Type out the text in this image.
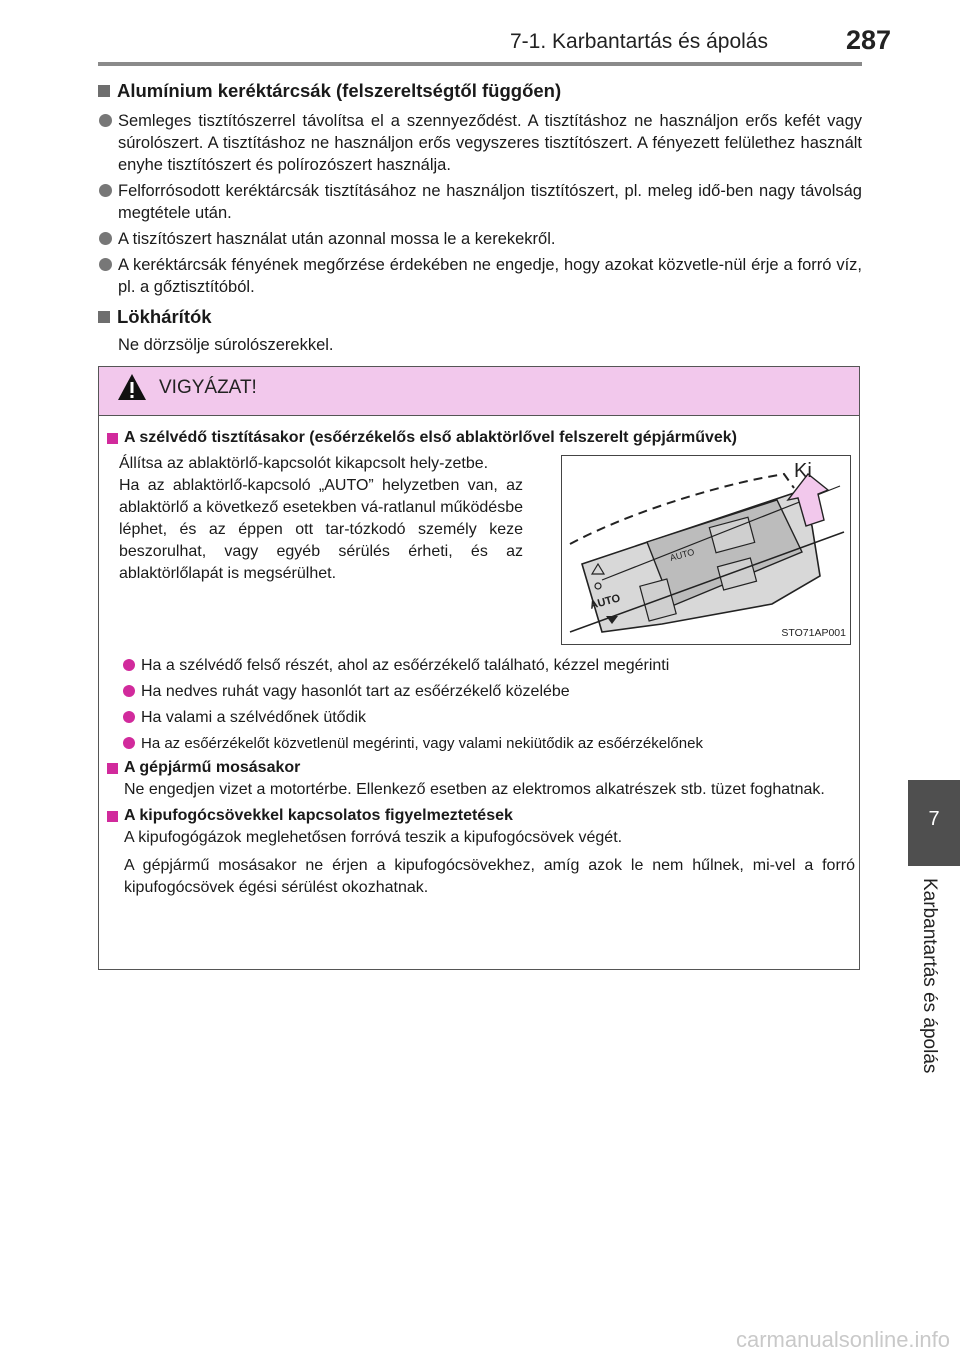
7-1. Karbantartás és ápolás	287
7
Karbantartás és ápolás
Alumínium keréktárcsák (felszereltségtől függően)
Semleges tisztítószerrel távolítsa el a szennyeződést. A tisztításhoz ne használjon erős kefét vagy súrolószert. A tisztításhoz ne használjon erős vegyszeres tisztítószert. A fényezett felülethez használt enyhe tisztítószert és polírozószert használja.
Felforrósodott keréktárcsák tisztításához ne használjon tisztítószert, pl. meleg idő-ben nagy távolság megtétele után.
A tiszítószert használat után azonnal mossa le a kerekekről.
A keréktárcsák fényének megőrzése érdekében ne engedje, hogy azokat közvetle-nül érje a forró víz, pl. a gőztisztítóból.
Lökhárítók
Ne dörzsölje súrolószerekkel.
VIGYÁZAT!
A szélvédő tisztításakor (esőérzékelős első ablaktörlővel felszerelt gépjárművek)

Állítsa az ablaktörlő-kapcsolót kikapcsolt hely-zetbe.

Ha az ablaktörlő-kapcsoló „AUTO” helyzetben van, az ablaktörlő a következő esetekben vá-ratlanul működésbe léphet, és az éppen ott tar-tózkodó személy keze beszorulhat, vagy egyéb sérülés érheti, és az ablaktörlőlapát is megsérülhet.

AUTO
AUTO
Ki
STO71AP001
Ha a szélvédő felső részét, ahol az esőérzékelő található, kézzel megérinti
Ha nedves ruhát vagy hasonlót tart az esőérzékelő közelébe
Ha valami a szélvédőnek ütődik
Ha az esőérzékelőt közvetlenül megérinti, vagy valami nekiütődik az esőérzékelőnek
A gépjármű mosásakor
Ne engedjen vizet a motortérbe. Ellenkező esetben az elektromos alkatrészek stb. tüzet foghatnak.
A kipufogócsövekkel kapcsolatos figyelmeztetések
A kipufogógázok meglehetősen forróvá teszik a kipufogócsövek végét.
A gépjármű mosásakor ne érjen a kipufogócsövekhez, amíg azok le nem hűlnek, mi-vel a forró kipufogócsövek égési sérülést okozhatnak.
carmanualsonline.info
